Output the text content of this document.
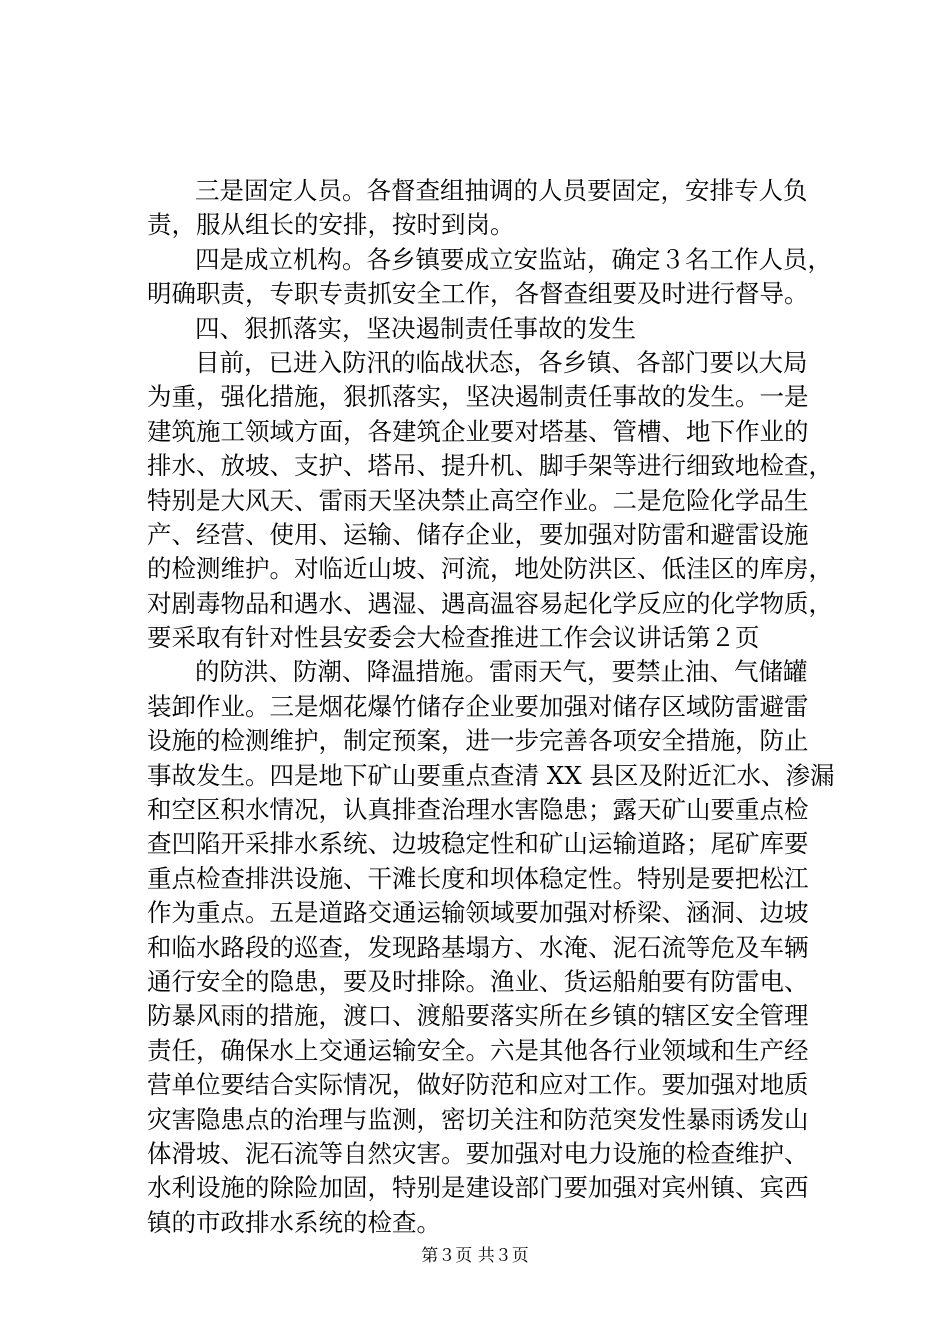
三是固定人员。各督查组抽调的人员要固定，安排专人负
责，服从组长的安排，按时到岗。
四是成立机构。各乡镇要成立安监站，确定３名工作人员，
明确职责，专职专责抓安全工作，各督查组要及时进行督导。
四、狠抓落实，坚决遏制责任事故的发生
目前，已进入防汛的临战状态，各乡镇、各部门要以大局
为重，强化措施，狠抓落实，坚决遏制责任事故的发生。一是
建筑施工领域方面，各建筑企业要对塔基、管槽、地下作业的
排水、放坡、支护、塔吊、提升机、脚手架等进行细致地检查，
特别是大风天、雷雨天坚决禁止高空作业。二是危险化学品生
产、经营、使用、运输、储存企业，要加强对防雷和避雷设施
的检测维护。对临近山坡、河流，地处防洪区、低洼区的库房，
对剧毒物品和遇水、遇湿、遇高温容易起化学反应的化学物质，
要采取有针对性县安委会大检查推进工作会议讲话第２页
的防洪、防潮、降温措施。雷雨天气，要禁止油、气储罐
装卸作业。三是烟花爆竹储存企业要加强对储存区域防雷避雷
设施的检测维护，制定预案，进一步完善各项安全措施，防止
事故发生。四是地下矿山要重点查清 XX 县区及附近汇水、渗漏
和空区积水情况，认真排查治理水害隐患；露天矿山要重点检
查凹陷开采排水系统、边坡稳定性和矿山运输道路；尾矿库要
重点检查排洪设施、干滩长度和坝体稳定性。特别是要把松江
作为重点。五是道路交通运输领域要加强对桥梁、涵洞、边坡
和临水路段的巡查，发现路基塌方、水淹、泥石流等危及车辆
通行安全的隐患，要及时排除。渔业、货运船舶要有防雷电、
防暴风雨的措施，渡口、渡船要落实所在乡镇的辖区安全管理
责任，确保水上交通运输安全。六是其他各行业领域和生产经
营单位要结合实际情况，做好防范和应对工作。要加强对地质
灾害隐患点的治理与监测，密切关注和防范突发性暴雨诱发山
体滑坡、泥石流等自然灾害。要加强对电力设施的检查维护、
水利设施的除险加固，特别是建设部门要加强对宾州镇、宾西
镇的市政排水系统的检查。
第３页 共３页
